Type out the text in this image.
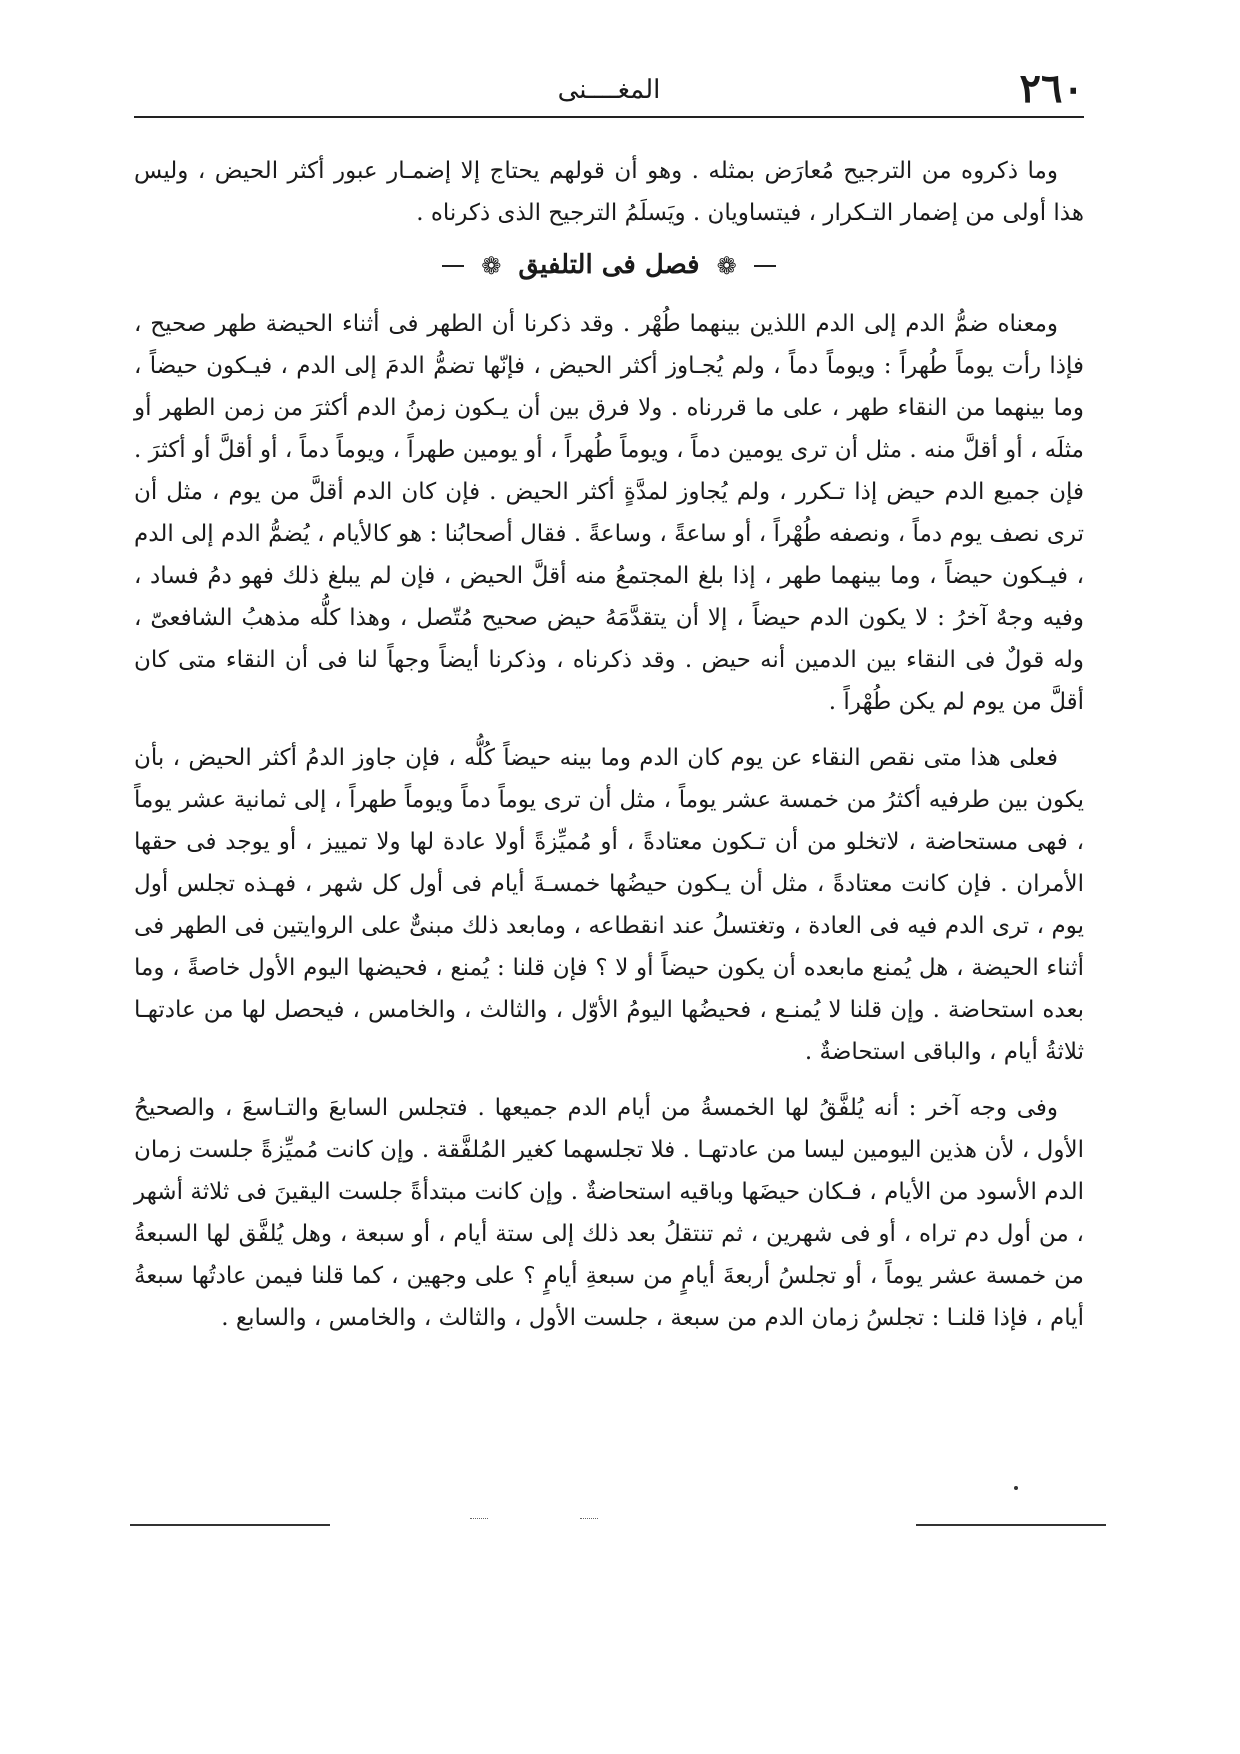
٢٦٠
المغــــنى

وما ذكروه من الترجيح مُعارَض بمثله . وهو أن قولهم يحتاج إلا إضمـار عبور أكثر الحيض ، وليس هذا أولى من إضمار التـكرار ، فيتساويان . ويَسلَمُ الترجيح الذى ذكرناه .

❁ فصل فى التلفيق ❁

ومعناه ضمُّ الدم إلى الدم اللذين بينهما طُهْر . وقد ذكرنا أن الطهر فى أثناء الحيضة طهر صحيح ، فإذا رأت يوماً طُهراً : ويوماً دماً ، ولم يُجـاوز أكثر الحيض ، فإنّها تضمُّ الدمَ إلى الدم ، فيـكون حيضاً ، وما بينهما من النقاء طهر ، على ما قررناه . ولا فرق بين أن يـكون زمنُ الدم أكثرَ من زمن الطهر أو مثلَه ، أو أقلَّ منه . مثل أن ترى يومين دماً ، ويوماً طُهراً ، أو يومين طهراً ، ويوماً دماً ، أو أقلَّ أو أكثرَ . فإن جميع الدم حيض إذا تـكرر ، ولم يُجاوز لمدَّةٍ أكثر الحيض . فإن كان الدم أقلَّ من يوم ، مثل أن ترى نصف يوم دماً ، ونصفه طُهْراً ، أو ساعةً ، وساعةً . فقال أصحابُنا : هو كالأيام ، يُضمُّ الدم إلى الدم ، فيـكون حيضاً ، وما بينهما طهر ، إذا بلغ المجتمعُ منه أقلَّ الحيض ، فإن لم يبلغ ذلك فهو دمُ فساد ، وفيه وجهٌ آخرُ : لا يكون الدم حيضاً ، إلا أن يتقدَّمَهُ حيض صحيح مُتّصل ، وهذا كلُّه مذهبُ الشافعىّ ، وله قولٌ فى النقاء بين الدمين أنه حيض . وقد ذكرناه ، وذكرنا أيضاً وجهاً لنا فى أن النقاء متى كان أقلَّ من يوم لم يكن طُهْراً .

فعلى هذا متى نقص النقاء عن يوم كان الدم وما بينه حيضاً كُلُّه ، فإن جاوز الدمُ أكثر الحيض ، بأن يكون بين طرفيه أكثرُ من خمسة عشر يوماً ، مثل أن ترى يوماً دماً ويوماً طهراً ، إلى ثمانية عشر يوماً ، فهى مستحاضة ، لاتخلو من أن تـكون معتادةً ، أو مُميِّزةً أولا عادة لها ولا تمييز ، أو يوجد فى حقها الأمران . فإن كانت معتادةً ، مثل أن يـكون حيضُها خمسـةَ أيام فى أول كل شهر ، فهـذه تجلس أول يوم ، ترى الدم فيه فى العادة ، وتغتسلُ عند انقطاعه ، ومابعد ذلك مبنىٌّ على الروايتين فى الطهر فى أثناء الحيضة ، هل يُمنع مابعده أن يكون حيضاً أو لا ؟ فإن قلنا : يُمنع ، فحيضها اليوم الأول خاصةً ، وما بعده استحاضة . وإن قلنا لا يُمنـع ، فحيضُها اليومُ الأوّل ، والثالث ، والخامس ، فيحصل لها من عادتهـا ثلاثةُ أيام ، والباقى استحاضةٌ .

وفى وجه آخر : أنه يُلفَّقُ لها الخمسةُ من أيام الدم جميعها . فتجلس السابعَ والتـاسعَ ، والصحيحُ الأول ، لأن هذين اليومين ليسا من عادتهـا . فلا تجلسهما كغير المُلفَّقة . وإن كانت مُميِّزةً جلست زمان الدم الأسود من الأيام ، فـكان حيضَها وباقيه استحاضةٌ . وإن كانت مبتدأةً جلست اليقينَ فى ثلاثة أشهر ، من أول دم تراه ، أو فى شهرين ، ثم تنتقلُ بعد ذلك إلى ستة أيام ، أو سبعة ، وهل يُلفَّق لها السبعةُ من خمسة عشر يوماً ، أو تجلسُ أربعةَ أيامٍ من سبعةِ أيامٍ ؟ على وجهين ، كما قلنا فيمن عادتُها سبعةُ أيام ، فإذا قلنـا : تجلسُ زمان الدم من سبعة ، جلست الأول ، والثالث ، والخامس ، والسابع .
